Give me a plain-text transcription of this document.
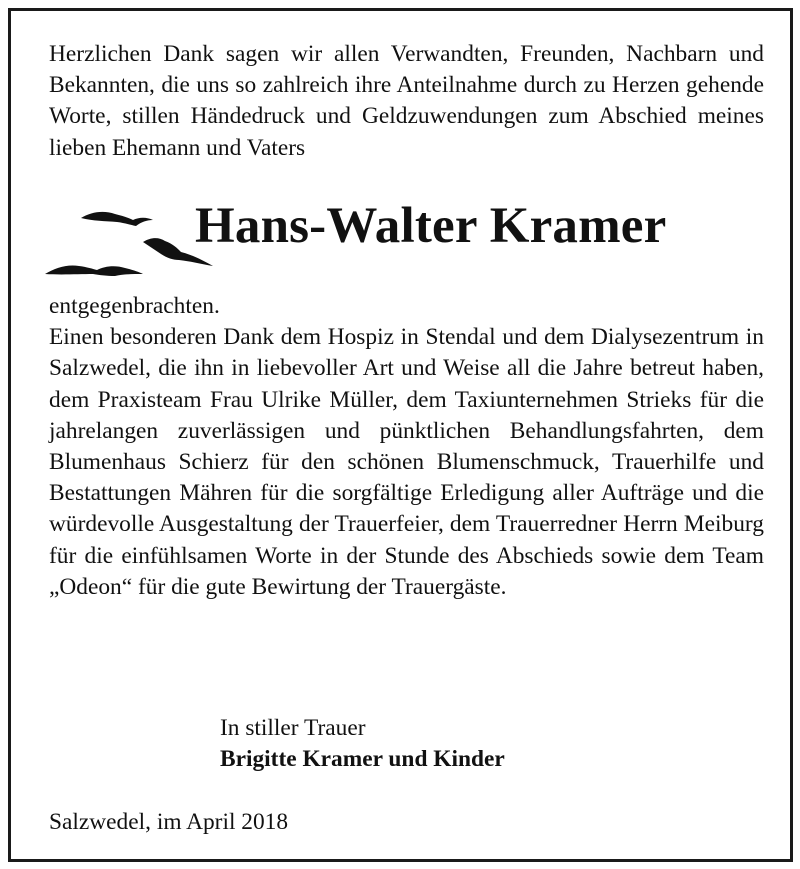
Herzlichen Dank sagen wir allen Verwandten, Freunden, Nachbarn und Bekannten, die uns so zahlreich ihre Anteilnahme durch zu Herzen gehende Worte, stillen Händedruck und Geldzuwendungen zum Abschied meines lieben Ehemann und Vaters

Hans-Walter Kramer
entgegenbrachten.
Einen besonderen Dank dem Hospiz in Stendal und dem Dialysezentrum in Salzwedel, die ihn in liebevoller Art und Weise all die Jahre betreut haben, dem Praxisteam Frau Ulrike Müller, dem Taxiunternehmen Strieks für die jahrelangen zuverlässigen und pünktlichen Behandlungsfahrten, dem Blumenhaus Schierz für den schönen Blumenschmuck, Trauerhilfe und Bestattungen Mähren für die sorgfältige Erledigung aller Aufträge und die würdevolle Ausgestaltung der Trauerfeier, dem Trauerredner Herrn Meiburg für die einfühlsamen Worte in der Stunde des Abschieds sowie dem Team „Odeon“ für die gute Bewirtung der Trauergäste.
In stiller Trauer
Brigitte Kramer und Kinder
Salzwedel, im April 2018
